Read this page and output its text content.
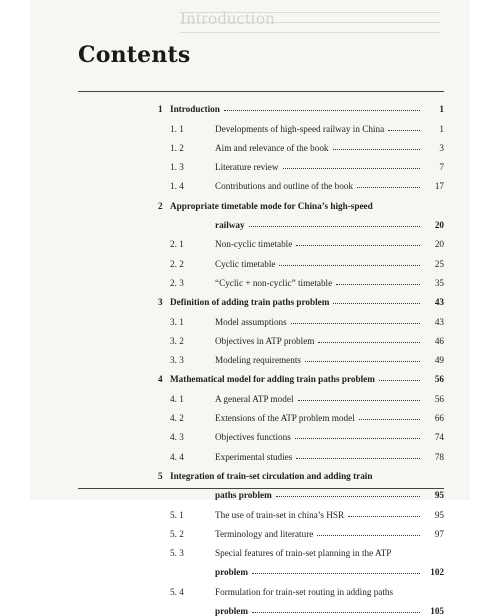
Introduction
Contents
1 Introduction	1
1. 1	Developments of high-speed railway in China	1
1. 2	Aim and relevance of the book	3
1. 3	Literature review	7
1. 4	Contributions and outline of the book	17
2 Appropriate timetable mode for China’s high-speed
railway	20
2. 1	Non-cyclic timetable	20
2. 2	Cyclic timetable	25
2. 3	“Cyclic + non-cyclic” timetable	35
3 Definition of adding train paths problem	43
3. 1	Model assumptions	43
3. 2	Objectives in ATP problem	46
3. 3	Modeling requirements	49
4 Mathematical model for adding train paths problem	56
4. 1	A general ATP model	56
4. 2	Extensions of the ATP problem model	66
4. 3	Objectives functions	74
4. 4	Experimental studies	78
5 Integration of train-set circulation and adding train
paths problem	95
5. 1	The use of train-set in china’s HSR	95
5. 2	Terminology and literature	97
5. 3	Special features of train-set planning in the ATP
problem	102
5. 4	Formulation for train-set routing in adding paths
problem	105
